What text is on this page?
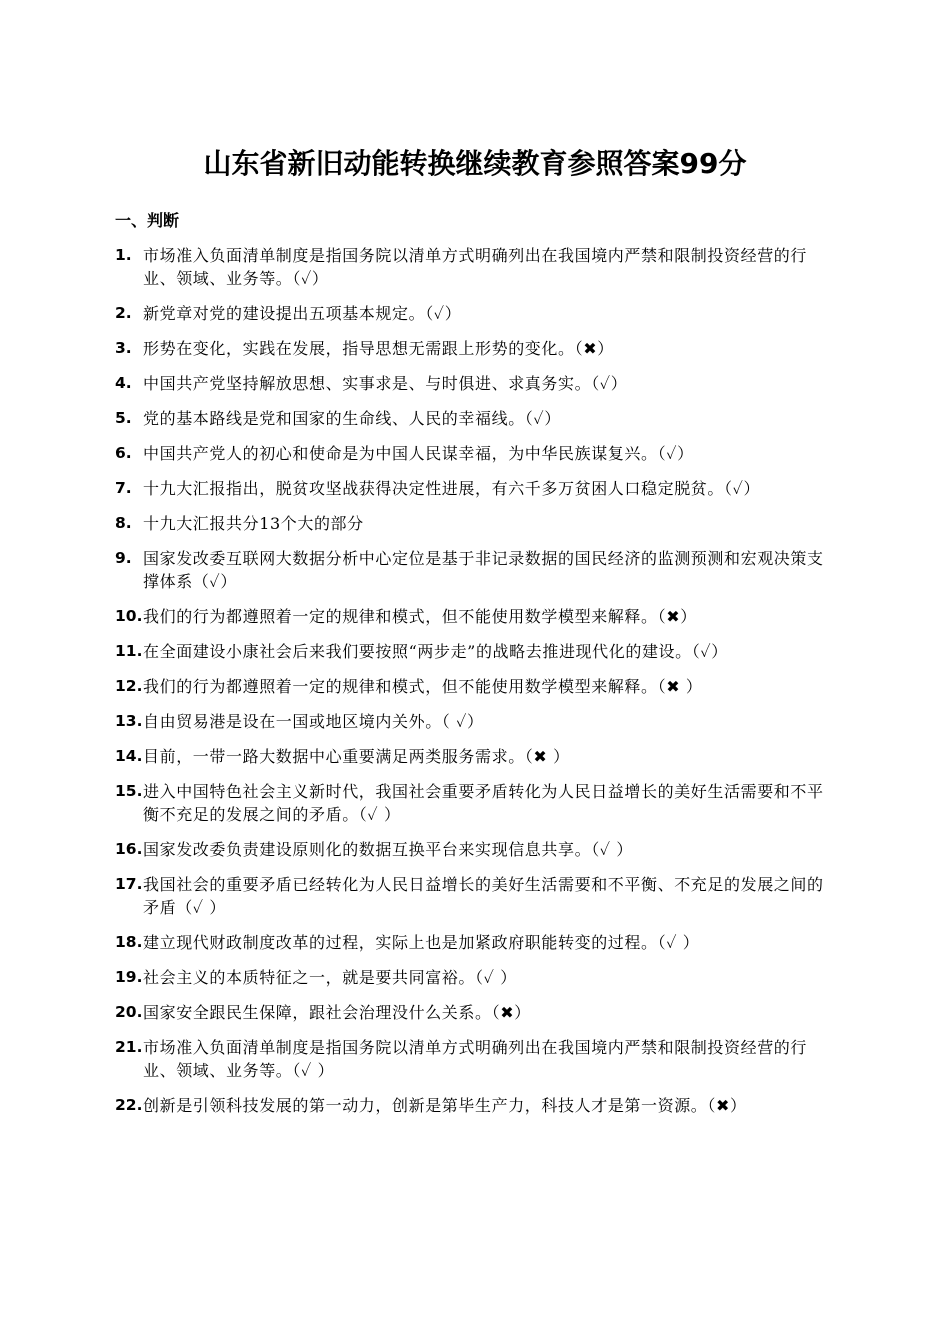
山东省新旧动能转换继续教育参照答案99分
一、判断
1. 市场准入负面清单制度是指国务院以清单方式明确列出在我国境内严禁和限制投资经营的行业、领域、业务等。（✓）
2. 新党章对党的建设提出五项基本规定。（✓）
3. 形势在变化，实践在发展，指导思想无需跟上形势的变化。（✖）
4. 中国共产党坚持解放思想、实事求是、与时俱进、求真务实。（✓）
5. 党的基本路线是党和国家的生命线、人民的幸福线。（✓）
6. 中国共产党人的初心和使命是为中国人民谋幸福，为中华民族谋复兴。（✓）
7. 十九大汇报指出，脱贫攻坚战获得决定性进展，有六千多万贫困人口稳定脱贫。（✓）
8. 十九大汇报共分13个大的部分
9. 国家发改委互联网大数据分析中心定位是基于非记录数据的国民经济的监测预测和宏观决策支撑体系（✓）
10. 我们的行为都遵照着一定的规律和模式，但不能使用数学模型来解释。（✖）
11. 在全面建设小康社会后来我们要按照“两步走”的战略去推进现代化的建设。（✓）
12. 我们的行为都遵照着一定的规律和模式，但不能使用数学模型来解释。（✖ ）
13. 自由贸易港是设在一国或地区境内关外。（ ✓）
14. 目前，一带一路大数据中心重要满足两类服务需求。（✖ ）
15. 进入中国特色社会主义新时代，我国社会重要矛盾转化为人民日益增长的美好生活需要和不平衡不充足的发展之间的矛盾。（✓ ）
16. 国家发改委负责建设原则化的数据互换平台来实现信息共享。（✓ ）
17. 我国社会的重要矛盾已经转化为人民日益增长的美好生活需要和不平衡、不充足的发展之间的矛盾（✓ ）
18. 建立现代财政制度改革的过程，实际上也是加紧政府职能转变的过程。（✓ ）
19. 社会主义的本质特征之一，就是要共同富裕。（✓ ）
20. 国家安全跟民生保障，跟社会治理没什么关系。（✖）
21. 市场准入负面清单制度是指国务院以清单方式明确列出在我国境内严禁和限制投资经营的行业、领域、业务等。（✓ ）
22. 创新是引领科技发展的第一动力，创新是第毕生产力，科技人才是第一资源。（✖）
